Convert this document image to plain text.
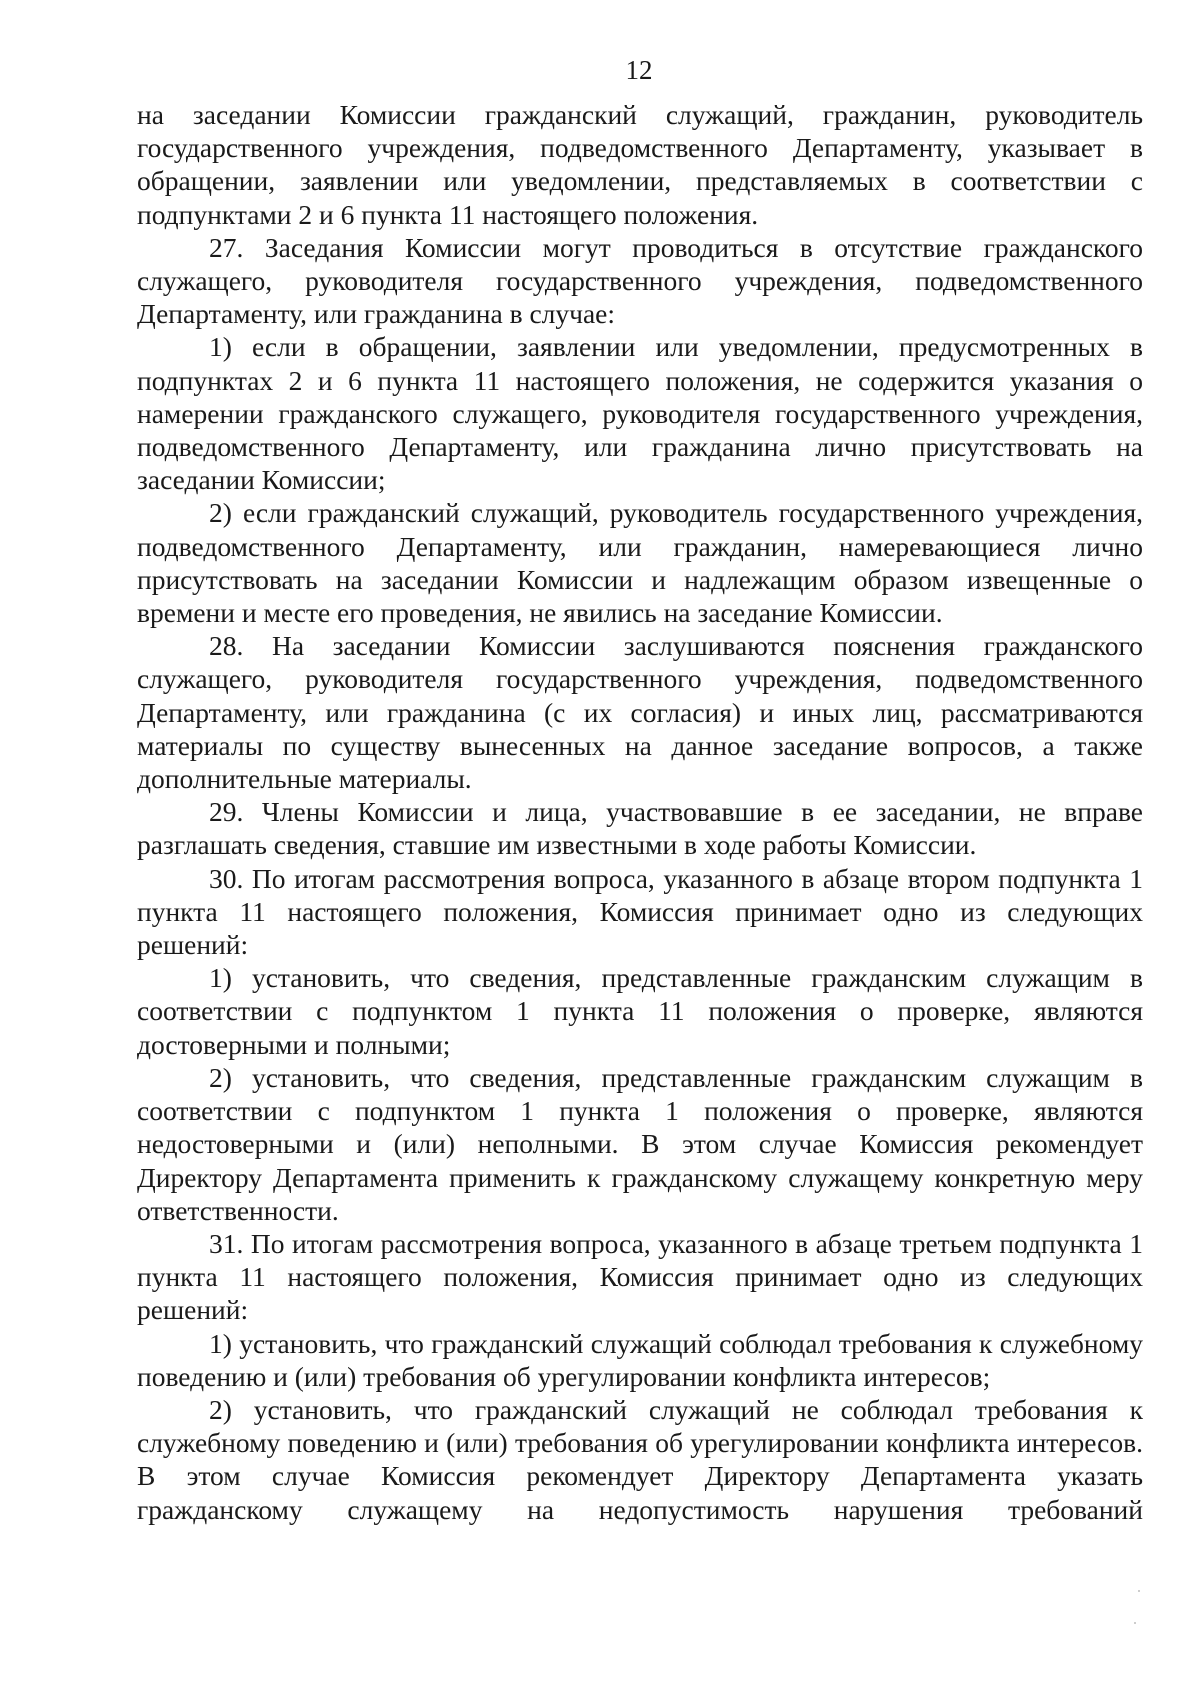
12

на заседании Комиссии гражданский служащий, гражданин, руководитель государственного учреждения, подведомственного Департаменту, указывает в обращении, заявлении или уведомлении, представляемых в соответствии с подпунктами 2 и 6 пункта 11 настоящего положения.

27. Заседания Комиссии могут проводиться в отсутствие гражданского служащего, руководителя государственного учреждения, подведомственного Департаменту, или гражданина в случае:

1) если в обращении, заявлении или уведомлении, предусмотренных в подпунктах 2 и 6 пункта 11 настоящего положения, не содержится указания о намерении гражданского служащего, руководителя государственного учреждения, подведомственного Департаменту, или гражданина лично присутствовать на заседании Комиссии;

2) если гражданский служащий, руководитель государственного учреждения, подведомственного Департаменту, или гражданин, намеревающиеся лично присутствовать на заседании Комиссии и надлежащим образом извещенные о времени и месте его проведения, не явились на заседание Комиссии.

28. На заседании Комиссии заслушиваются пояснения гражданского служащего, руководителя государственного учреждения, подведомственного Департаменту, или гражданина (с их согласия) и иных лиц, рассматриваются материалы по существу вынесенных на данное заседание вопросов, а также дополнительные материалы.

29. Члены Комиссии и лица, участвовавшие в ее заседании, не вправе разглашать сведения, ставшие им известными в ходе работы Комиссии.

30. По итогам рассмотрения вопроса, указанного в абзаце втором подпункта 1 пункта 11 настоящего положения, Комиссия принимает одно из следующих решений:

1) установить, что сведения, представленные гражданским служащим в соответствии с подпунктом 1 пункта 11 положения о проверке, являются достоверными и полными;

2) установить, что сведения, представленные гражданским служащим в соответствии с подпунктом 1 пункта 1 положения о проверке, являются недостоверными и (или) неполными. В этом случае Комиссия рекомендует Директору Департамента применить к гражданскому служащему конкретную меру ответственности.

31. По итогам рассмотрения вопроса, указанного в абзаце третьем подпункта 1 пункта 11 настоящего положения, Комиссия принимает одно из следующих решений:

1) установить, что гражданский служащий соблюдал требования к служебному поведению и (или) требования об урегулировании конфликта интересов;

2) установить, что гражданский служащий не соблюдал требования к служебному поведению и (или) требования об урегулировании конфликта интересов. В этом случае Комиссия рекомендует Директору Департамента указать гражданскому служащему на недопустимость нарушения требований
